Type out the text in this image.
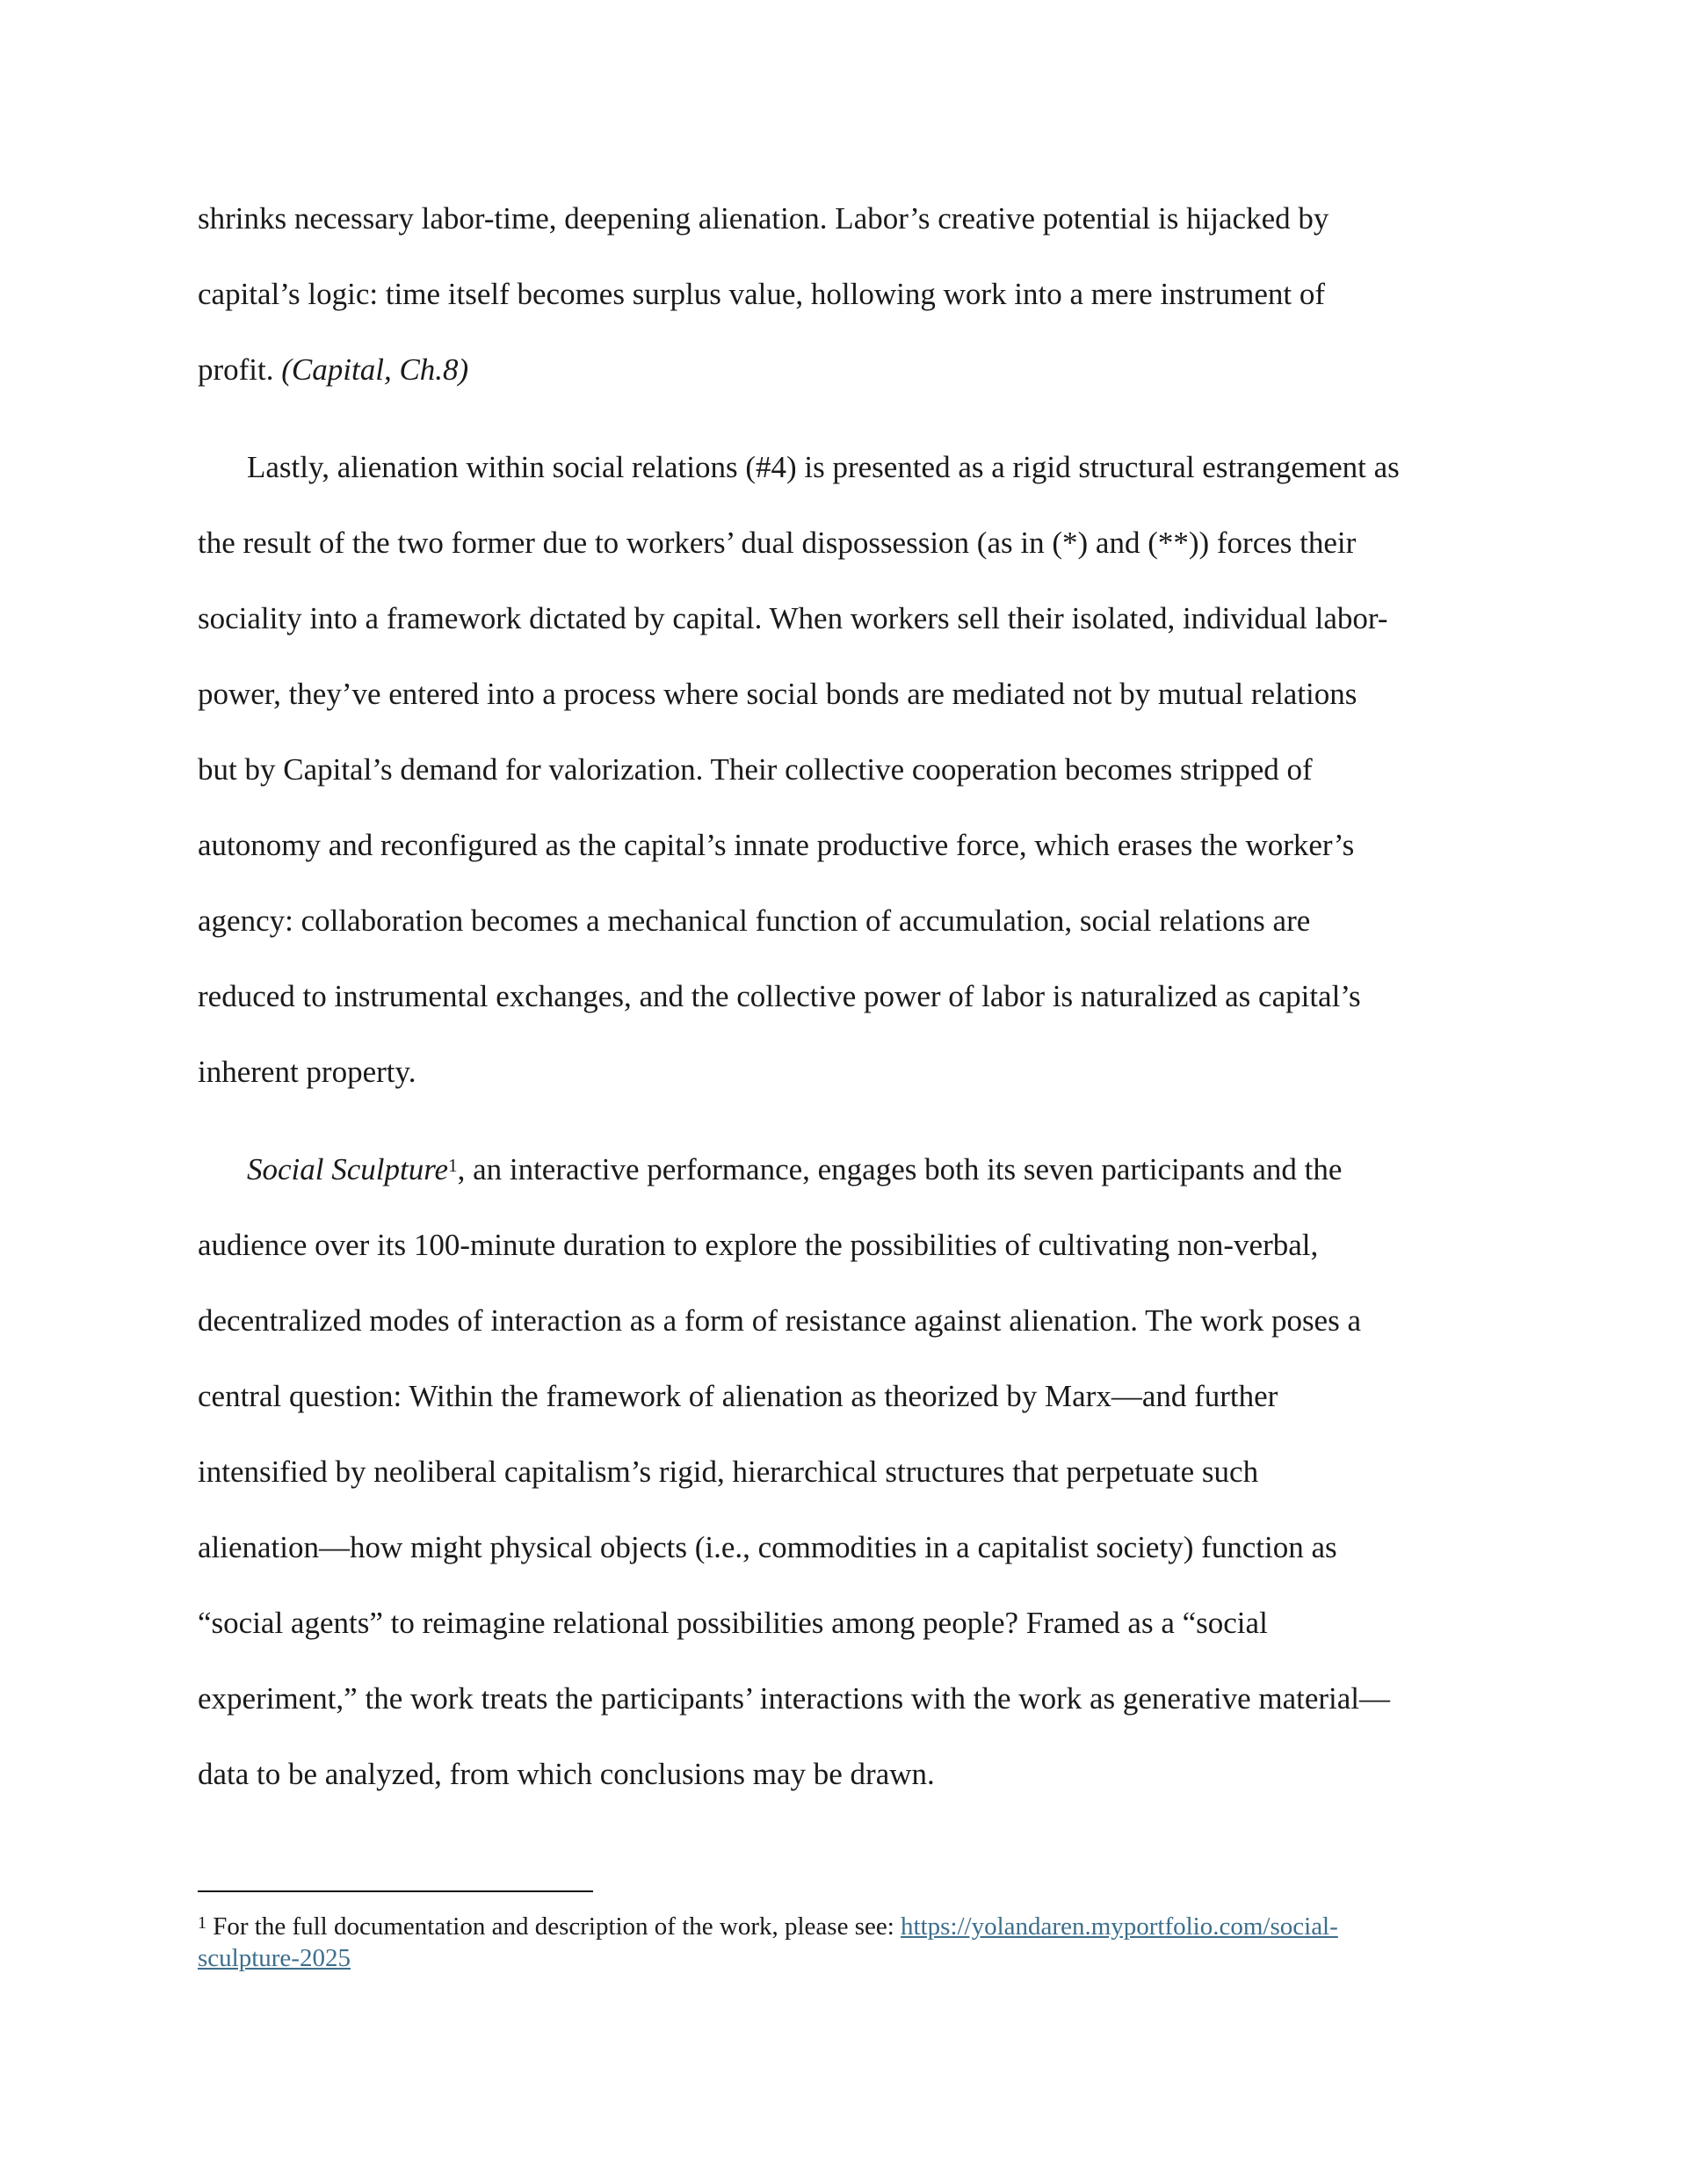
shrinks necessary labor-time, deepening alienation. Labor’s creative potential is hijacked by
capital’s logic: time itself becomes surplus value, hollowing work into a mere instrument of
profit. (Capital, Ch.8)
Lastly, alienation within social relations (#4) is presented as a rigid structural estrangement as
the result of the two former due to workers’ dual dispossession (as in (*) and (**)) forces their
sociality into a framework dictated by capital. When workers sell their isolated, individual labor-
power, they’ve entered into a process where social bonds are mediated not by mutual relations
but by Capital’s demand for valorization. Their collective cooperation becomes stripped of
autonomy and reconfigured as the capital’s innate productive force, which erases the worker’s
agency: collaboration becomes a mechanical function of accumulation, social relations are
reduced to instrumental exchanges, and the collective power of labor is naturalized as capital’s
inherent property.
Social Sculpture$^1$, an interactive performance, engages both its seven participants and the
audience over its 100-minute duration to explore the possibilities of cultivating non-verbal,
decentralized modes of interaction as a form of resistance against alienation. The work poses a
central question: Within the framework of alienation as theorized by Marx—and further
intensified by neoliberal capitalism’s rigid, hierarchical structures that perpetuate such
alienation—how might physical objects (i.e., commodities in a capitalist society) function as
“social agents” to reimagine relational possibilities among people? Framed as a “social
experiment,” the work treats the participants’ interactions with the work as generative material—
data to be analyzed, from which conclusions may be drawn.
$^1$ For the full documentation and description of the work, please see: https://yolandaren.myportfolio.com/social-
sculpture-2025
